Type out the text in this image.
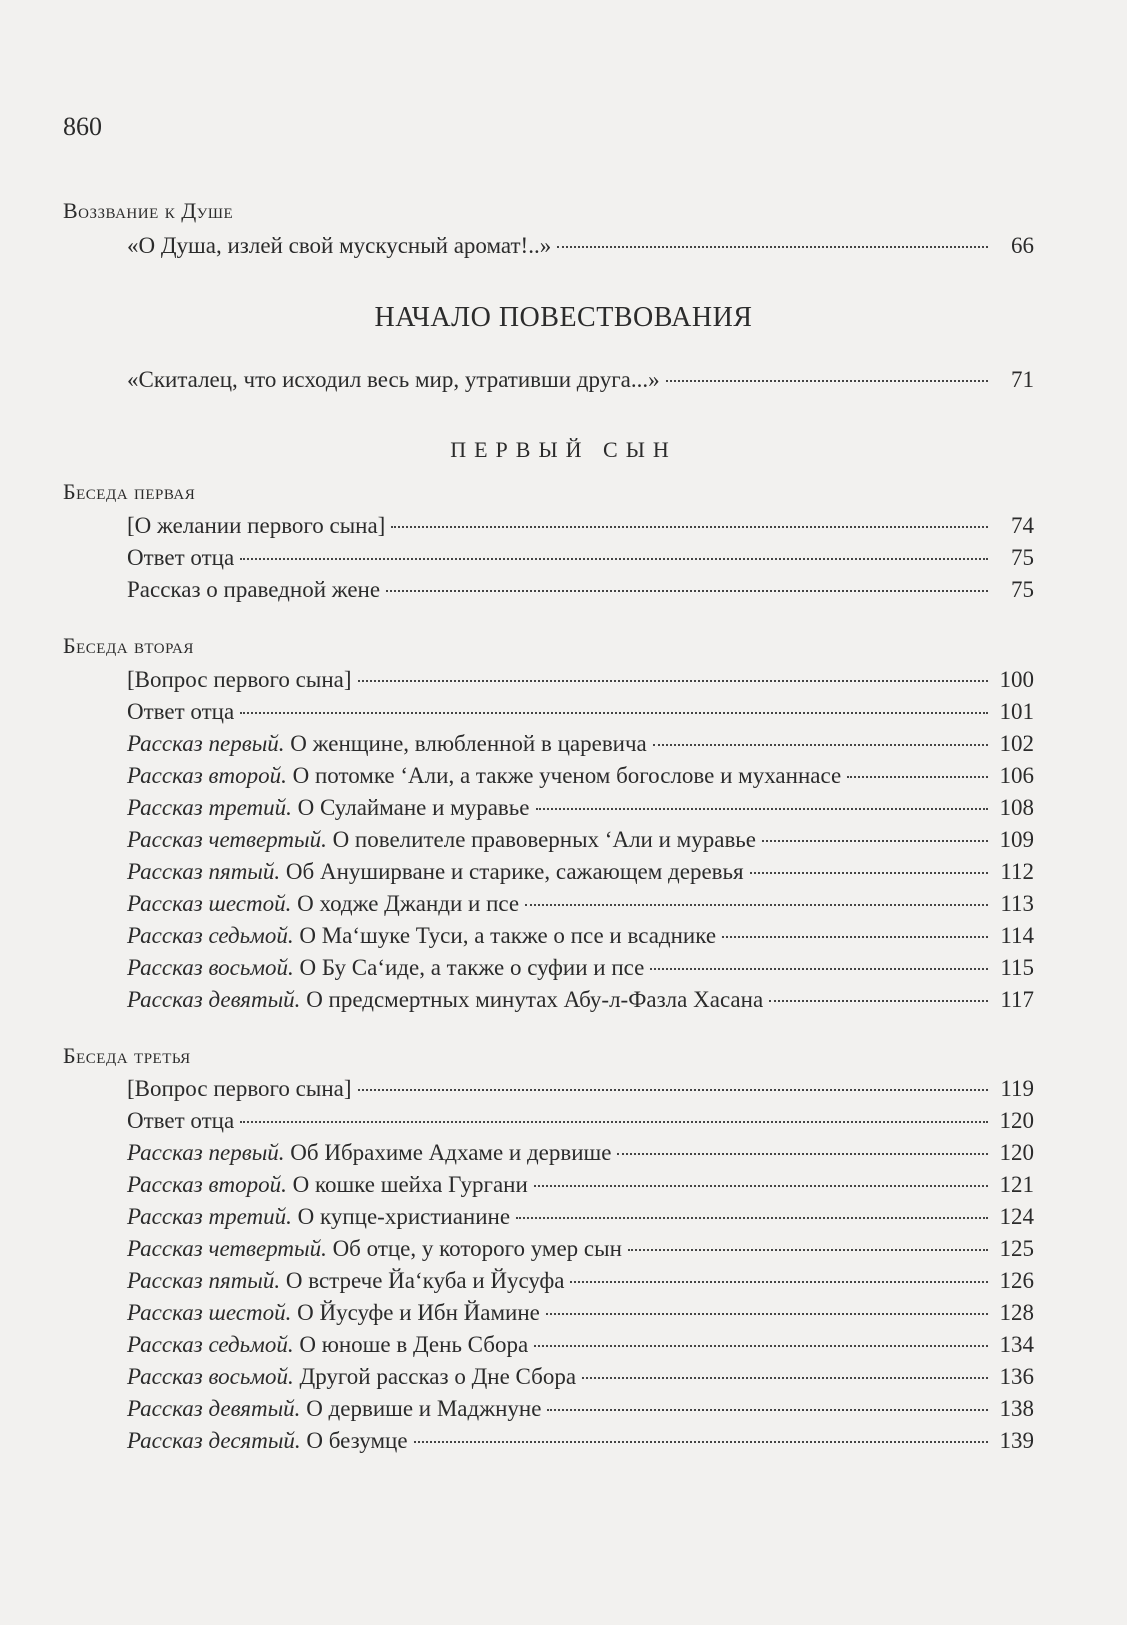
860
Воззвание к Душе
«О Душа, излей свой мускусный аромат!..»	66
НАЧАЛО ПОВЕСТВОВАНИЯ
«Скиталец, что исходил весь мир, утративши друга...»	71
ПЕРВЫЙ СЫН
Беседа первая
[О желании первого сына]	74
Ответ отца	75
Рассказ о праведной жене	75
Беседа вторая
[Вопрос первого сына]	100
Ответ отца	101
Рассказ первый. О женщине, влюбленной в царевича	102
Рассказ второй. О потомке ‘Али, а также ученом богослове и муханнасе	106
Рассказ третий. О Сулаймане и муравье	108
Рассказ четвертый. О повелителе правоверных ‘Али и муравье	109
Рассказ пятый. Об Ануширване и старике, сажающем деревья	112
Рассказ шестой. О ходже Джанди и псе	113
Рассказ седьмой. О Ма‘шуке Туси, а также о псе и всаднике	114
Рассказ восьмой. О Бу Са‘иде, а также о суфии и псе	115
Рассказ девятый. О предсмертных минутах Абу-л-Фазла Хасана	117
Беседа третья
[Вопрос первого сына]	119
Ответ отца	120
Рассказ первый. Об Ибрахиме Адхаме и дервише	120
Рассказ второй. О кошке шейха Гургани	121
Рассказ третий. О купце-христианине	124
Рассказ четвертый. Об отце, у которого умер сын	125
Рассказ пятый. О встрече Йа‘куба и Йусуфа	126
Рассказ шестой. О Йусуфе и Ибн Йамине	128
Рассказ седьмой. О юноше в День Сбора	134
Рассказ восьмой. Другой рассказ о Дне Сбора	136
Рассказ девятый. О дервише и Маджнуне	138
Рассказ десятый. О безумце	139
